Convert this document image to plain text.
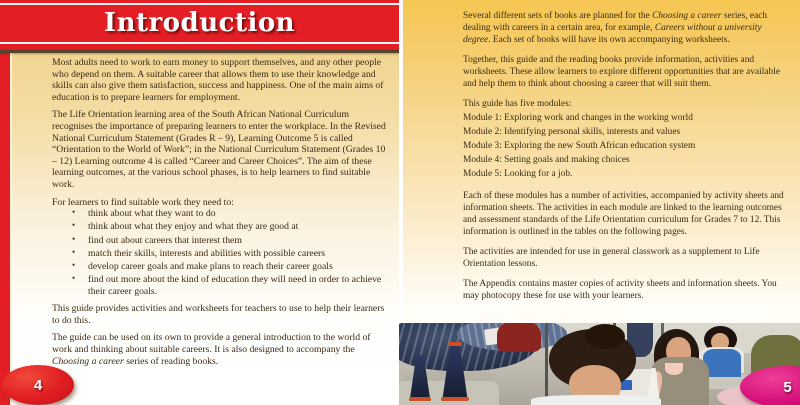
Introduction

Most adults need to work to earn money to support themselves, and any other people who depend on them. A suitable career that allows them to use their knowledge and skills can also give them satisfaction, success and happiness. One of the main aims of education is to prepare learners for employment.

The Life Orientation learning area of the South African National Curriculum recognises the importance of preparing learners to enter the workplace. In the Revised National Curriculum Statement (Grades R – 9), Learning Outcome 5 is called “Orientation to the World of Work”; in the National Curriculum Statement (Grades 10 – 12) Learning outcome 4 is called “Career and Career Choices”. The aim of these learning outcomes, at the various school phases, is to help learners to find suitable work.

For learners to find suitable work they need to:

• think about what they want to do
• think about what they enjoy and what they are good at
• find out about careers that interest them
• match their skills, interests and abilities with possible careers
• develop career goals and make plans to reach their career goals
• find out more about the kind of education they will need in order to achieve their career goals.

This guide provides activities and worksheets for teachers to use to help their learners to do this.

The guide can be used on its own to provide a general introduction to the world of work and thinking about suitable careers. It is also designed to accompany the Choosing a career series of reading books.

4

Several different sets of books are planned for the Choosing a career series, each dealing with careers in a certain area, for example, Careers without a university degree. Each set of books will have its own accompanying worksheets.

Together, this guide and the reading books provide information, activities and worksheets. These allow learners to explore different opportunities that are available and help them to think about choosing a career that will suit them.

This guide has five modules:

Module 1: Exploring work and changes in the working world

Module 2: Identifying personal skills, interests and values

Module 3: Exploring the new South African education system

Module 4: Setting goals and making choices

Module 5: Looking for a job.

Each of these modules has a number of activities, accompanied by activity sheets and information sheets. The activities in each module are linked to the learning outcomes and assessment standards of the Life Orientation curriculum for Grades 7 to 12. This information is outlined in the tables on the following pages.

The activities are intended for use in general classwork as a supplement to Life Orientation lessons.

The Appendix contains master copies of activity sheets and information sheets. You may photocopy these for use with your learners.

5
